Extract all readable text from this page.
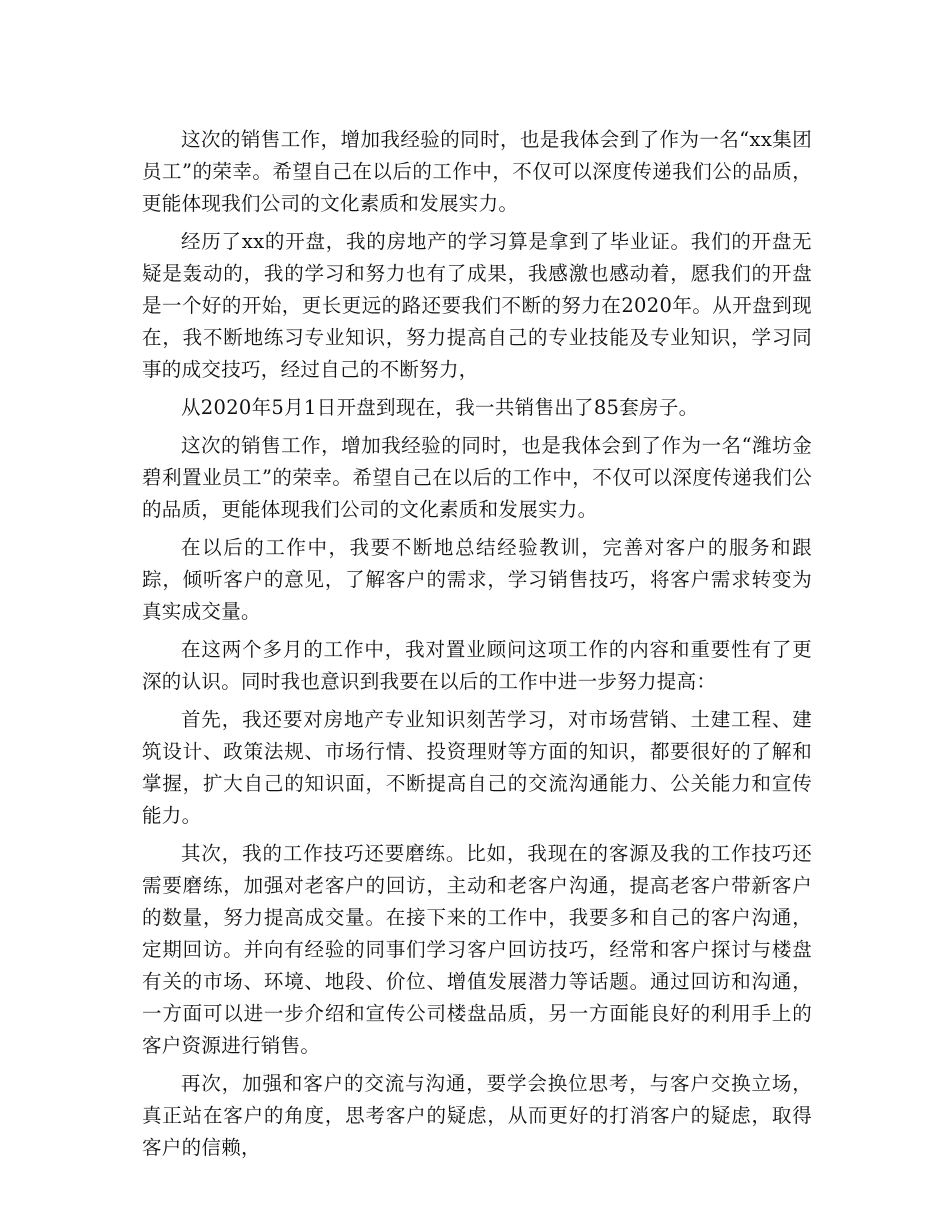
这次的销售工作，增加我经验的同时，也是我体会到了作为一名“xx集团员工”的荣幸。希望自己在以后的工作中，不仅可以深度传递我们公的品质，更能体现我们公司的文化素质和发展实力。

经历了xx的开盘，我的房地产的学习算是拿到了毕业证。我们的开盘无疑是轰动的，我的学习和努力也有了成果，我感激也感动着，愿我们的开盘是一个好的开始，更长更远的路还要我们不断的努力在2020年。从开盘到现在，我不断地练习专业知识，努力提高自己的专业技能及专业知识，学习同事的成交技巧，经过自己的不断努力，

从2020年5月1日开盘到现在，我一共销售出了85套房子。

这次的销售工作，增加我经验的同时，也是我体会到了作为一名“潍坊金碧利置业员工”的荣幸。希望自己在以后的工作中，不仅可以深度传递我们公的品质，更能体现我们公司的文化素质和发展实力。

在以后的工作中，我要不断地总结经验教训，完善对客户的服务和跟踪，倾听客户的意见，了解客户的需求，学习销售技巧，将客户需求转变为真实成交量。

在这两个多月的工作中，我对置业顾问这项工作的内容和重要性有了更深的认识。同时我也意识到我要在以后的工作中进一步努力提高：

首先，我还要对房地产专业知识刻苦学习，对市场营销、土建工程、建筑设计、政策法规、市场行情、投资理财等方面的知识，都要很好的了解和掌握，扩大自己的知识面，不断提高自己的交流沟通能力、公关能力和宣传能力。

其次，我的工作技巧还要磨练。比如，我现在的客源及我的工作技巧还需要磨练，加强对老客户的回访，主动和老客户沟通，提高老客户带新客户的数量，努力提高成交量。在接下来的工作中，我要多和自己的客户沟通，定期回访。并向有经验的同事们学习客户回访技巧，经常和客户探讨与楼盘有关的市场、环境、地段、价位、增值发展潜力等话题。通过回访和沟通，一方面可以进一步介绍和宣传公司楼盘品质，另一方面能良好的利用手上的客户资源进行销售。

再次，加强和客户的交流与沟通，要学会换位思考，与客户交换立场，真正站在客户的角度，思考客户的疑虑，从而更好的打消客户的疑虑，取得客户的信赖，
